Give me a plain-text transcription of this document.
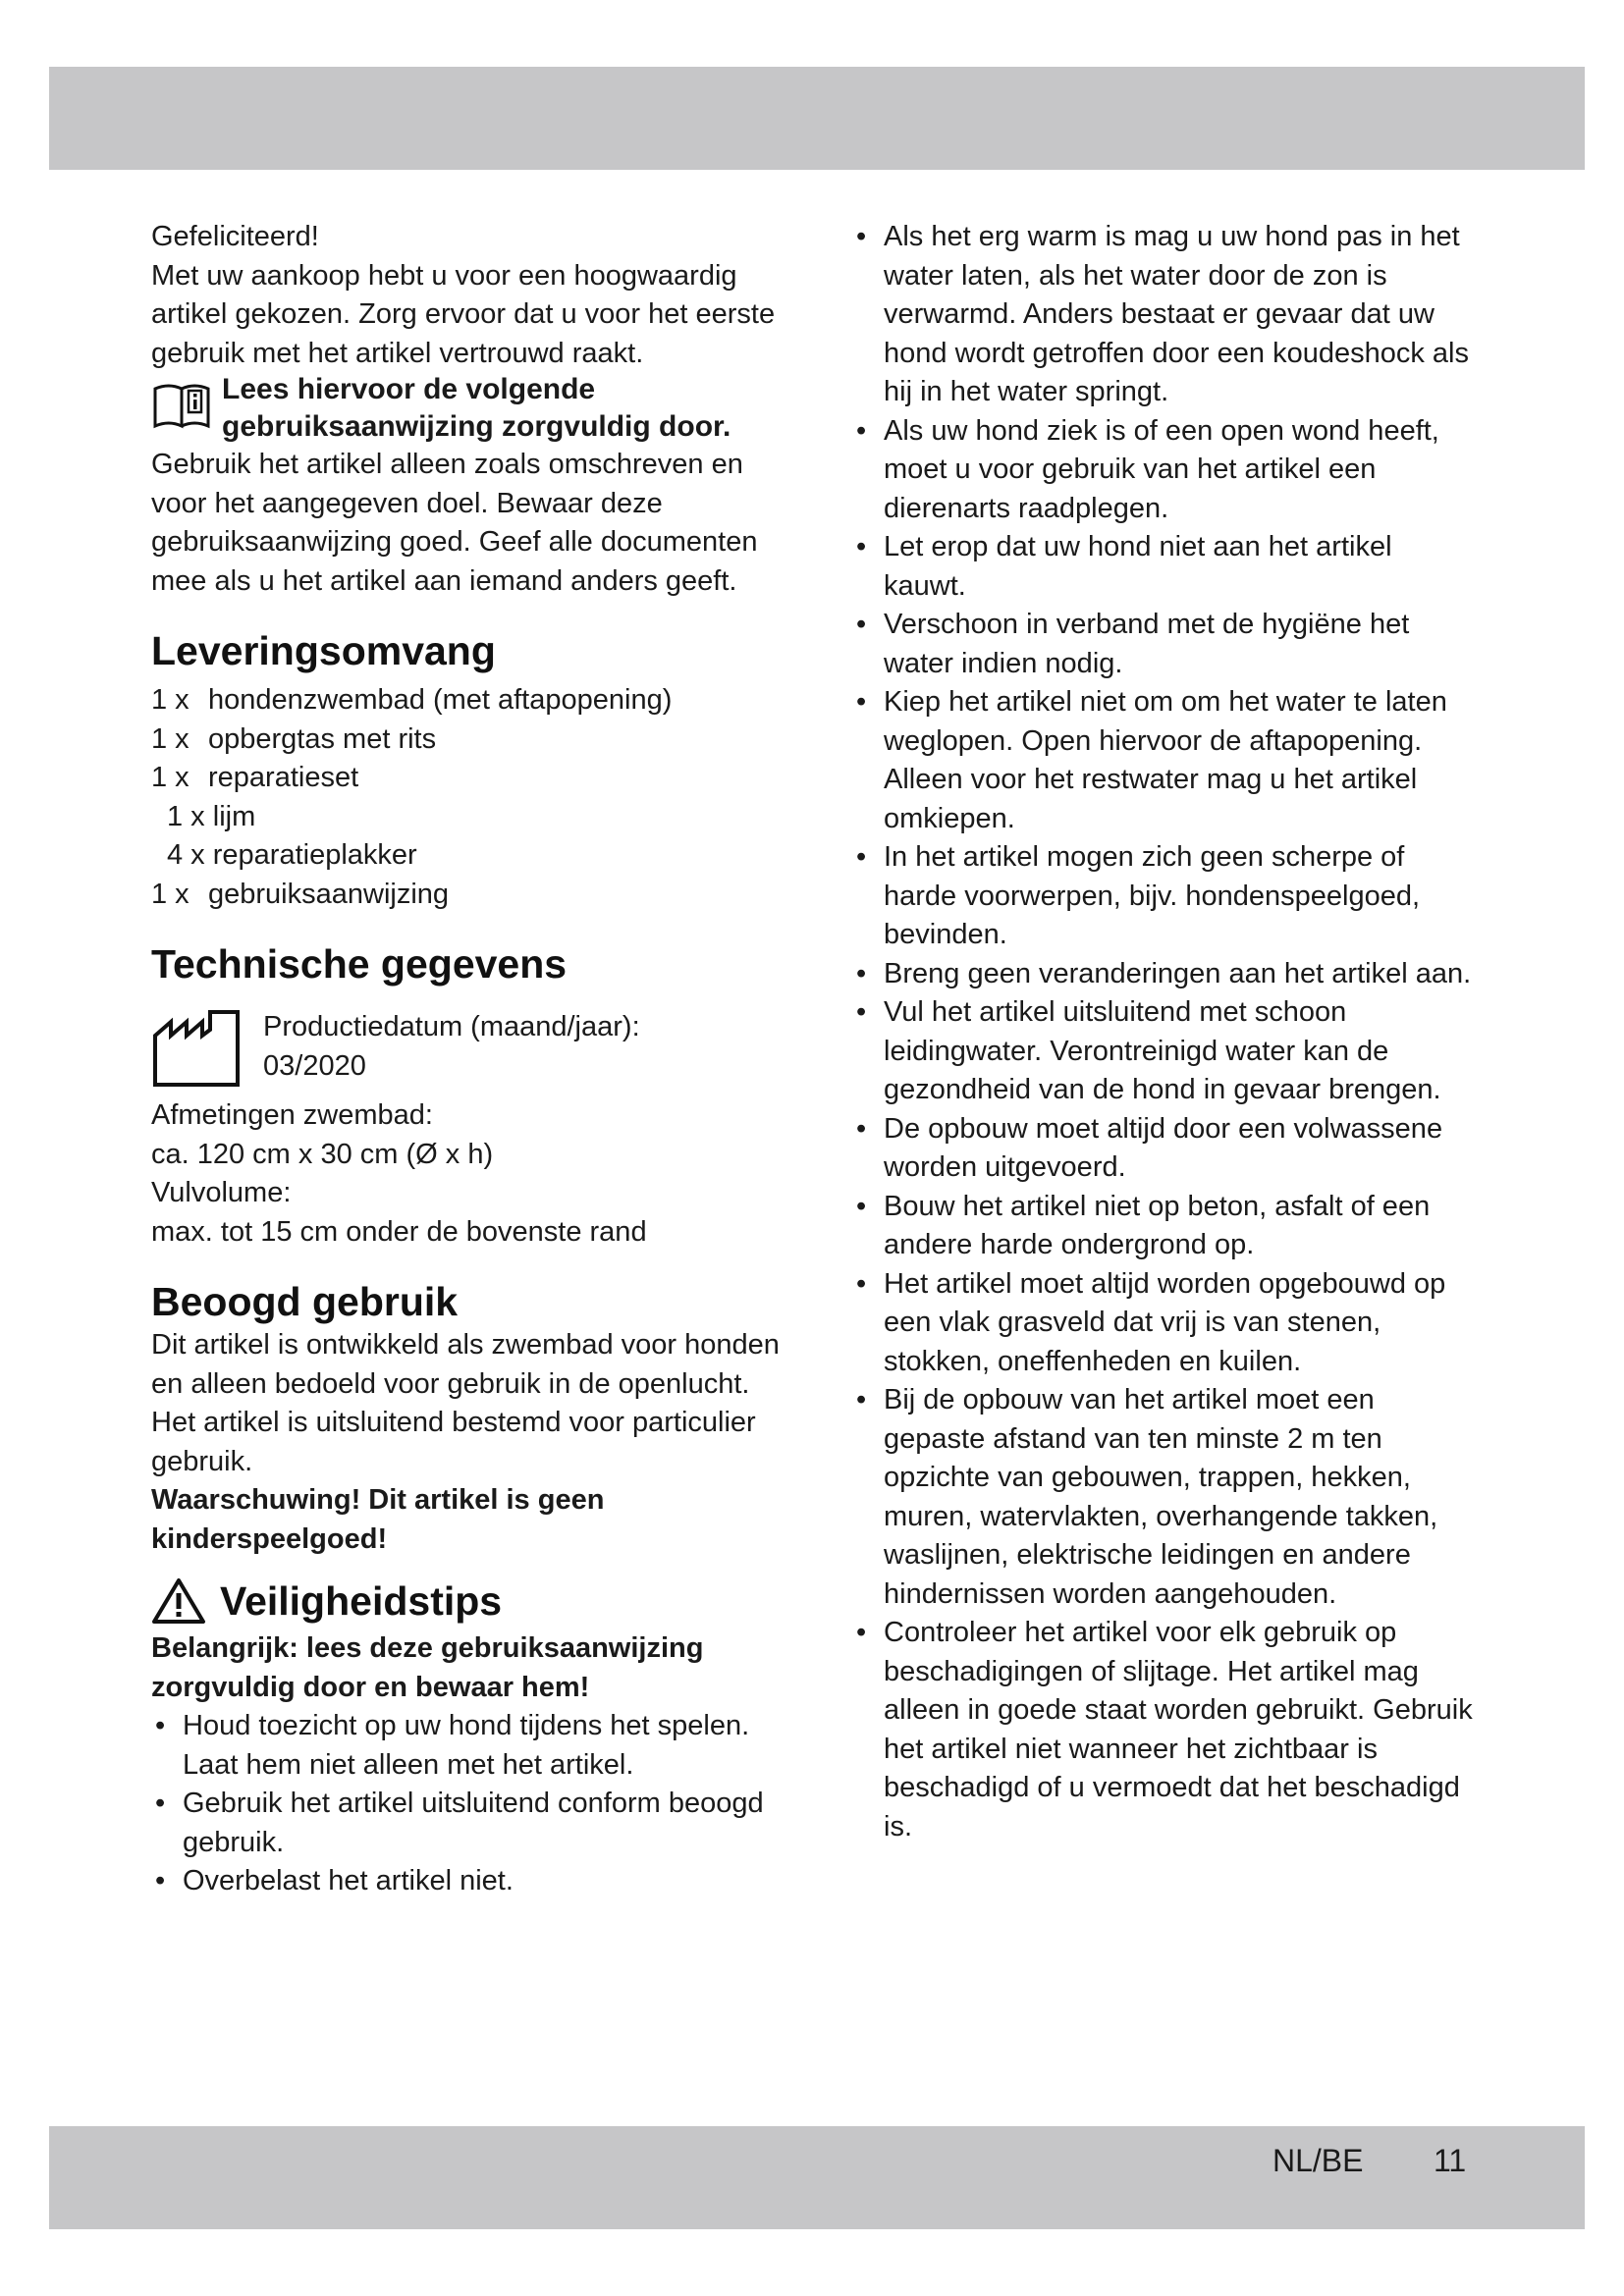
Gefeliciteerd!

Met uw aankoop hebt u voor een hoogwaardig artikel gekozen. Zorg ervoor dat u voor het eerste gebruik met het artikel vertrouwd raakt.

Lees hiervoor de volgende gebruiksaanwijzing zorgvuldig door.

Gebruik het artikel alleen zoals omschreven en voor het aangegeven doel. Bewaar deze gebruiksaanwijzing goed. Geef alle documenten mee als u het artikel aan iemand anders geeft.

Leveringsomvang
1 x hondenzwembad (met aftapopening)
1 x opbergtas met rits
1 x reparatieset
1 x
lijm
4 x
reparatieplakker
1 x gebruiksaanwijzing
Technische gegevens

Productiedatum (maand/jaar):

03/2020

Afmetingen zwembad:

ca. 120 cm x 30 cm (Ø x h)

Vulvolume:

max. tot 15 cm onder de bovenste rand

Beoogd gebruik

Dit artikel is ontwikkeld als zwembad voor honden en alleen bedoeld voor gebruik in de openlucht. Het artikel is uitsluitend bestemd voor particulier gebruik.

Waarschuwing! Dit artikel is geen kinderspeelgoed!

Veiligheidstips

Belangrijk: lees deze gebruiksaanwijzing zorgvuldig door en bewaar hem!

• Houd toezicht op uw hond tijdens het spelen. Laat hem niet alleen met het artikel.
• Gebruik het artikel uitsluitend conform beoogd gebruik.
• Overbelast het artikel niet.
• Als het erg warm is mag u uw hond pas in het water laten, als het water door de zon is verwarmd. Anders bestaat er gevaar dat uw hond wordt getroffen door een koudeshock als hij in het water springt.
• Als uw hond ziek is of een open wond heeft, moet u voor gebruik van het artikel een dierenarts raadplegen.
• Let erop dat uw hond niet aan het artikel kauwt.
• Verschoon in verband met de hygiëne het water indien nodig.
• Kiep het artikel niet om om het water te laten weglopen. Open hiervoor de aftapopening. Alleen voor het restwater mag u het artikel omkiepen.
• In het artikel mogen zich geen scherpe of harde voorwerpen, bijv. hondenspeelgoed, bevinden.
• Breng geen veranderingen aan het artikel aan.
• Vul het artikel uitsluitend met schoon leidingwater. Verontreinigd water kan de gezondheid van de hond in gevaar brengen.
• De opbouw moet altijd door een volwassene worden uitgevoerd.
• Bouw het artikel niet op beton, asfalt of een andere harde ondergrond op.
• Het artikel moet altijd worden opgebouwd op een vlak grasveld dat vrij is van stenen, stokken, oneffenheden en kuilen.
• Bij de opbouw van het artikel moet een gepaste afstand van ten minste 2 m ten opzichte van gebouwen, trappen, hekken, muren, watervlakten, overhangende takken, waslijnen, elektrische leidingen en andere hindernissen worden aangehouden.
• Controleer het artikel voor elk gebruik op beschadigingen of slijtage. Het artikel mag alleen in goede staat worden gebruikt. Gebruik het artikel niet wanneer het zichtbaar is beschadigd of u vermoedt dat het beschadigd is.
NL/BE 11
